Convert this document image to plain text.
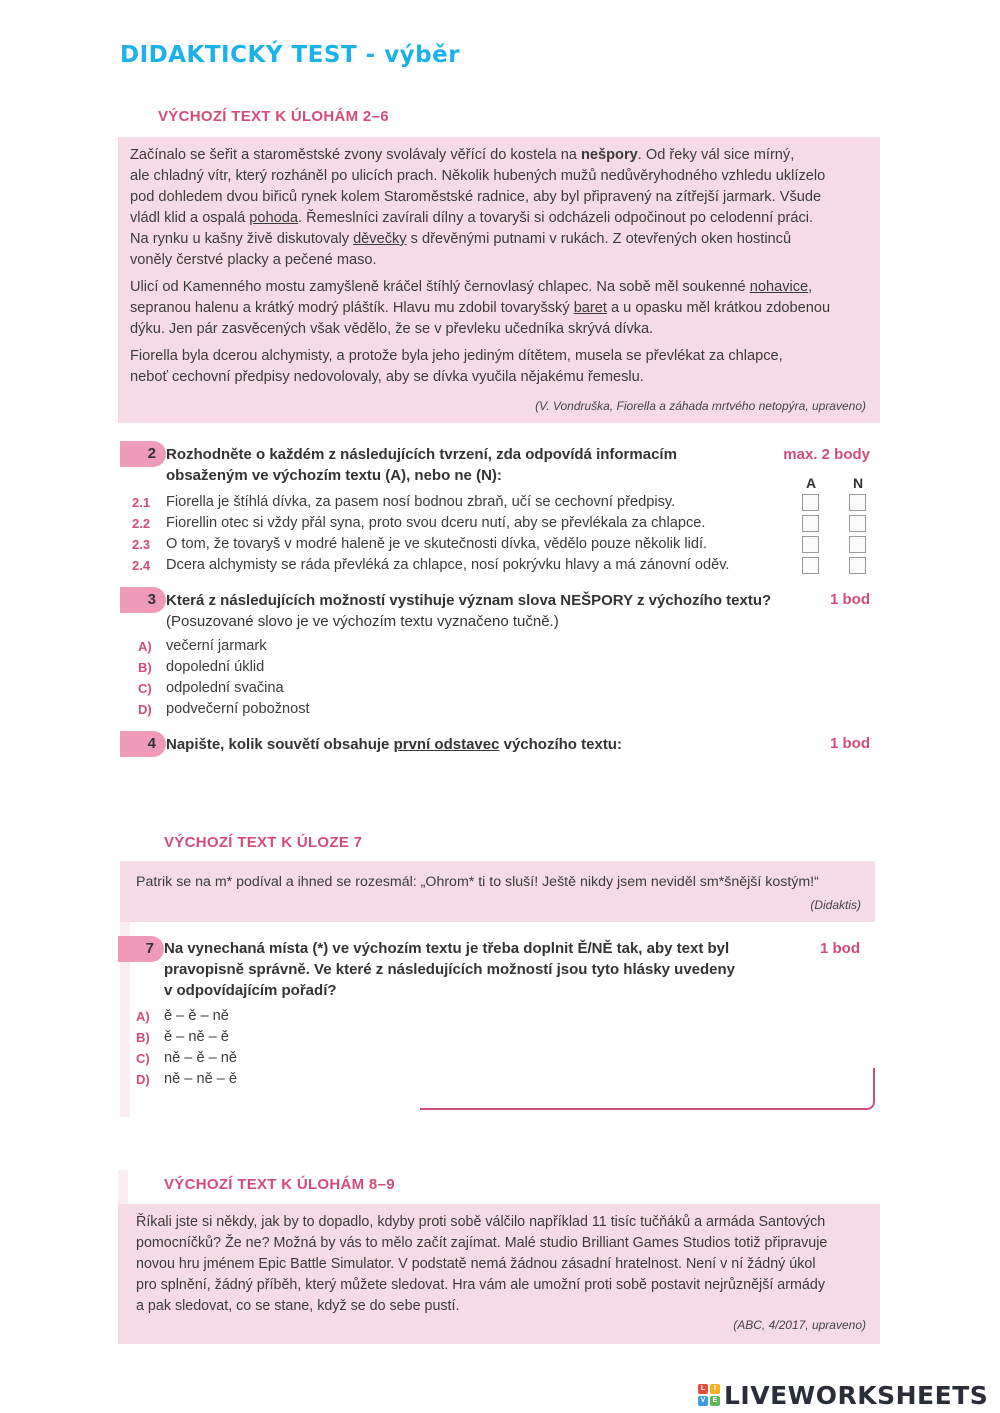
DIDAKTICKÝ TEST - výběr
VÝCHOZÍ TEXT K ÚLOHÁM 2–6

Začínalo se šeřit a staroměstské zvony svolávaly věřící do kostela na nešpory. Od řeky vál sice mírný,
ale chladný vítr, který rozháněl po ulicích prach. Několik hubených mužů nedůvěryhodného vzhledu uklízelo
pod dohledem dvou biřiců rynek kolem Staroměstské radnice, aby byl připravený na zítřejší jarmark. Všude
vládl klid a ospalá pohoda. Řemeslníci zavírali dílny a tovaryši si odcházeli odpočinout po celodenní práci.
Na rynku u kašny živě diskutovaly děvečky s dřevěnými putnami v rukách. Z otevřených oken hostinců
voněly čerstvé placky a pečené maso.

Ulicí od Kamenného mostu zamyšleně kráčel štíhlý černovlasý chlapec. Na sobě měl soukenné nohavice,
sepranou halenu a krátký modrý pláštík. Hlavu mu zdobil tovaryšský baret a u opasku měl krátkou zdobenou
dýku. Jen pár zasvěcených však vědělo, že se v převleku učedníka skrývá dívka.

Fiorella byla dcerou alchymisty, a protože byla jeho jediným dítětem, musela se převlékat za chlapce,
neboť cechovní předpisy nedovolovaly, aby se dívka vyučila nějakému řemeslu.

(V. Vondruška, Fiorella a záhada mrtvého netopýra, upraveno)
2 Rozhodněte o každém z následujících tvrzení, zda odpovídá informacím
obsaženým ve výchozím textu (A), nebo ne (N):
max. 2 body
A	N
2.1	Fiorella je štíhlá dívka, za pasem nosí bodnou zbraň, učí se cechovní předpisy.
2.2	Fiorellin otec si vždy přál syna, proto svou dceru nutí, aby se převlékala za chlapce.
2.3	O tom, že tovaryš v modré haleně je ve skutečnosti dívka, vědělo pouze několik lidí.
2.4	Dcera alchymisty se ráda převléká za chlapce, nosí pokrývku hlavy a má zánovní oděv.
3 Která z následujících možností vystihuje význam slova NEŠPORY z výchozího textu?
(Posuzované slovo je ve výchozím textu vyznačeno tučně.)
1 bod
A) večerní jarmark
B) dopolední úklid
C) odpolední svačina
D) podvečerní pobožnost
4 Napište, kolik souvětí obsahuje první odstavec výchozího textu:	1 bod
VÝCHOZÍ TEXT K ÚLOZE 7

Patrik se na m* podíval a ihned se rozesmál: „Ohrom* ti to sluší! Ještě nikdy jsem neviděl sm*šnější kostým!“

(Didaktis)
7 Na vynechaná místa (*) ve výchozím textu je třeba doplnit Ě/NĚ tak, aby text byl
pravopisně správně. Ve které z následujících možností jsou tyto hlásky uvedeny
v odpovídajícím pořadí?
1 bod
A) ě – ě – ně
B) ě – ně – ě
C) ně – ě – ně
D) ně – ně – ě
VÝCHOZÍ TEXT K ÚLOHÁM 8–9

Říkali jste si někdy, jak by to dopadlo, kdyby proti sobě válčilo například 11 tisíc tučňáků a armáda Santových
pomocníčků? Že ne? Možná by vás to mělo začít zajímat. Malé studio Brilliant Games Studios totiž připravuje
novou hru jménem Epic Battle Simulator. V podstatě nemá žádnou zásadní hratelnost. Není v ní žádný úkol
pro splnění, žádný příběh, který můžete sledovat. Hra vám ale umožní proti sobě postavit nejrůznější armády
a pak sledovat, co se stane, když se do sebe pustí.

(ABC, 4/2017, upraveno)
L	I
V	E LIVEWORKSHEETS
